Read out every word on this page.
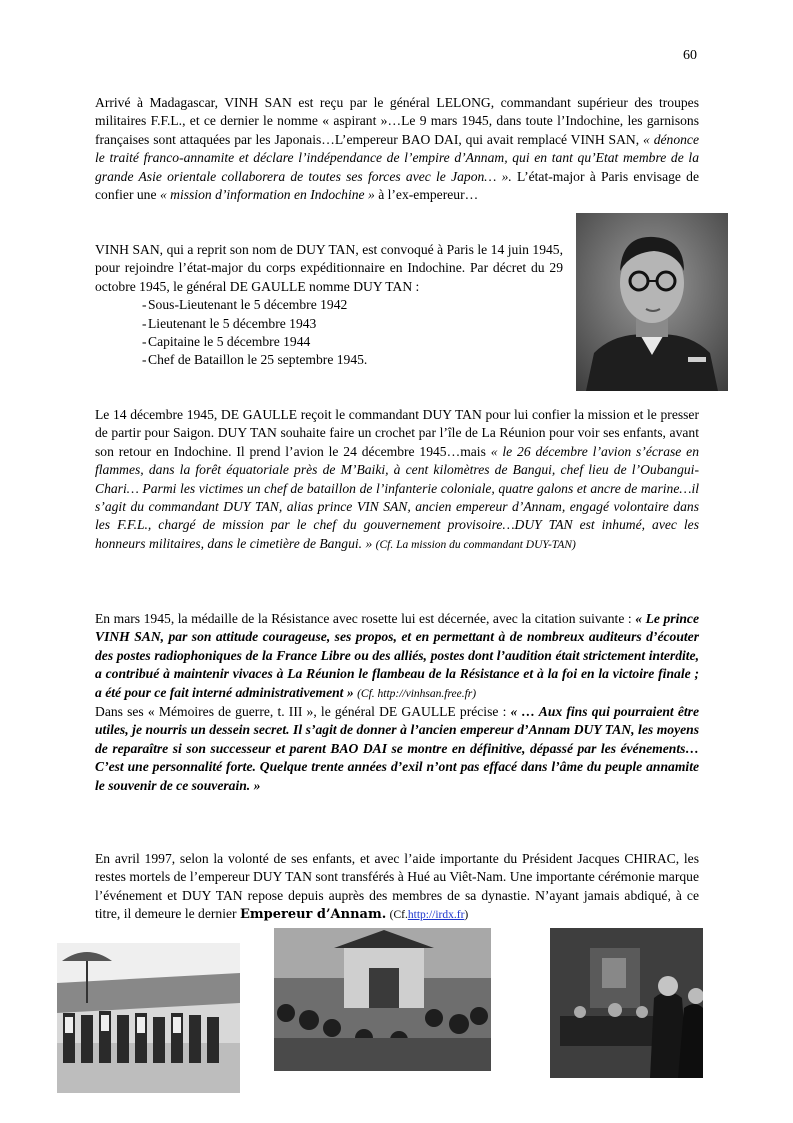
60

Arrivé à Madagascar, VINH SAN est reçu par le général LELONG, commandant supérieur des troupes militaires F.F.L., et ce dernier le nomme « aspirant »…Le 9 mars 1945, dans toute l’Indochine, les garnisons françaises sont attaquées par les Japonais…L’empereur BAO DAI, qui avait remplacé VINH SAN, « dénonce le traité franco-annamite et déclare l’indépendance de l’empire d’Annam, qui en tant qu’Etat membre de la grande Asie orientale collaborera de toutes ses forces avec le Japon… ». L’état-major à Paris envisage de confier une « mission d’information en Indochine » à l’ex-empereur…

VINH SAN, qui a reprit son nom de DUY TAN, est convoqué à Paris le 14 juin 1945, pour rejoindre l’état-major du corps expéditionnaire en Indochine. Par décret du 29 octobre 1945, le général DE GAULLE nomme DUY TAN :
- Sous-Lieutenant le 5 décembre 1942
- Lieutenant le 5 décembre 1943
- Capitaine le 5 décembre 1944
- Chef de Bataillon le 25 septembre 1945.

Le 14 décembre 1945, DE GAULLE reçoit le commandant DUY TAN pour lui confier la mission et le presser de partir pour Saigon. DUY TAN souhaite faire un crochet par l’île de La Réunion pour voir ses enfants, avant son retour en Indochine. Il prend l’avion le 24 décembre 1945…mais « le 26 décembre l’avion s’écrase en flammes, dans la forêt équatoriale près de M’Baiki, à cent kilomètres de Bangui, chef lieu de l’Oubangui-Chari… Parmi les victimes un chef de bataillon de l’infanterie coloniale, quatre galons et ancre de marine…il s’agit du commandant DUY TAN, alias prince VIN SAN, ancien empereur d’Annam, engagé volontaire dans les F.F.L., chargé de mission par le chef du gouvernement provisoire…DUY TAN est inhumé, avec les honneurs militaires, dans le cimetière de Bangui. » (Cf. La mission du commandant DUY-TAN)

En mars 1945, la médaille de la Résistance avec rosette lui est décernée, avec la citation suivante : « Le prince VINH SAN, par son attitude courageuse, ses propos, et en permettant à de nombreux auditeurs d’écouter des postes radiophoniques de la France Libre ou des alliés, postes dont l’audition était strictement interdite, a contribué à maintenir vivaces à La Réunion le flambeau de la Résistance et à la foi en la victoire finale ; a été pour ce fait interné administrativement » (Cf. http://vinhsan.free.fr)
Dans ses « Mémoires de guerre, t. III », le général DE GAULLE précise : « … Aux fins qui pourraient être utiles, je nourris un dessein secret. Il s’agit de donner à l’ancien empereur d’Annam DUY TAN, les moyens de reparaître si son successeur et parent BAO DAI se montre en définitive, dépassé par les événements…C’est une personnalité forte. Quelque trente années d’exil n’ont pas effacé dans l’âme du peuple annamite le souvenir de ce souverain. »

En avril 1997, selon la volonté de ses enfants, et avec l’aide importante du Président Jacques CHIRAC, les restes mortels de l’empereur DUY TAN sont transférés à Hué au Viêt-Nam. Une importante cérémonie marque l’événement et DUY TAN repose depuis auprès des membres de sa dynastie. N’ayant jamais abdiqué, à ce titre, il demeure le dernier Empereur d’Annam. (Cf.http://irdx.fr)
